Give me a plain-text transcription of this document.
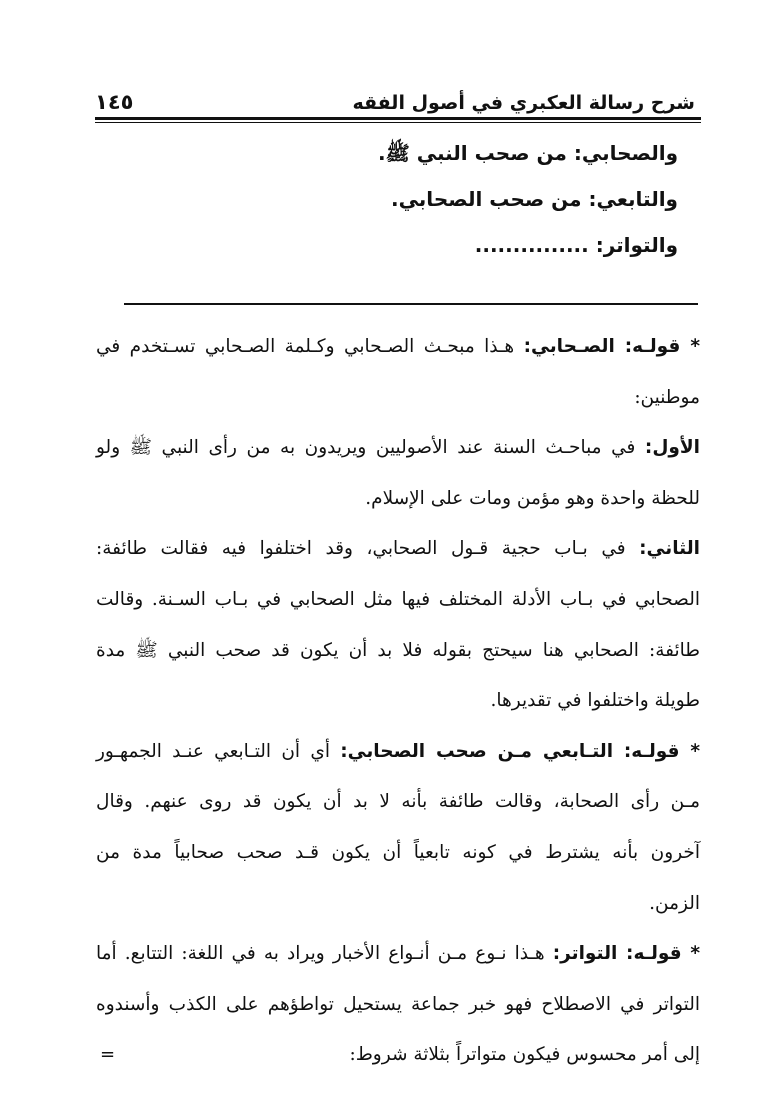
شرح رسالة العكبري في أصول الفقه
١٤٥
والصحابي: من صحب النبي ﷺ.
والتابعي: من صحب الصحابي.
والتواتر: ...............
* قولـه: الصـحابي: هـذا مبحـث الصـحابي وكـلمة الصـحابي تسـتخدم في
موطنين:
الأول: في مباحـث السنة عند الأصوليين ويريدون به من رأى النبي ﷺ ولو
للحظة واحدة وهو مؤمن ومات على الإسلام.
الثاني: في بـاب حجية قـول الصحابي، وقد اختلفوا فيه فقالت طائفة:
الصحابي في بـاب الأدلة المختلف فيها مثل الصحابي في بـاب السـنة. وقالت
طائفة: الصحابي هنا سيحتج بقوله فلا بد أن يكون قد صحب النبي ﷺ مدة
طويلة واختلفوا في تقديرها.
* قولـه: التـابعي مـن صحب الصحابي: أي أن التـابعي عنـد الجمهـور
مـن رأى الصحابة، وقالت طائفة بأنه لا بد أن يكون قد روى عنهم. وقال
آخرون بأنه يشترط في كونه تابعياً أن يكون قـد صحب صحابياً مدة من
الزمن.
* قولـه: التواتر: هـذا نـوع مـن أنـواع الأخبار ويراد به في اللغة: التتابع. أما
التواتر في الاصطلاح فهو خبر جماعة يستحيل تواطؤهم على الكذب وأسندوه
إلى أمر محسوس فيكون متواتراً بثلاثة شروط:
=
